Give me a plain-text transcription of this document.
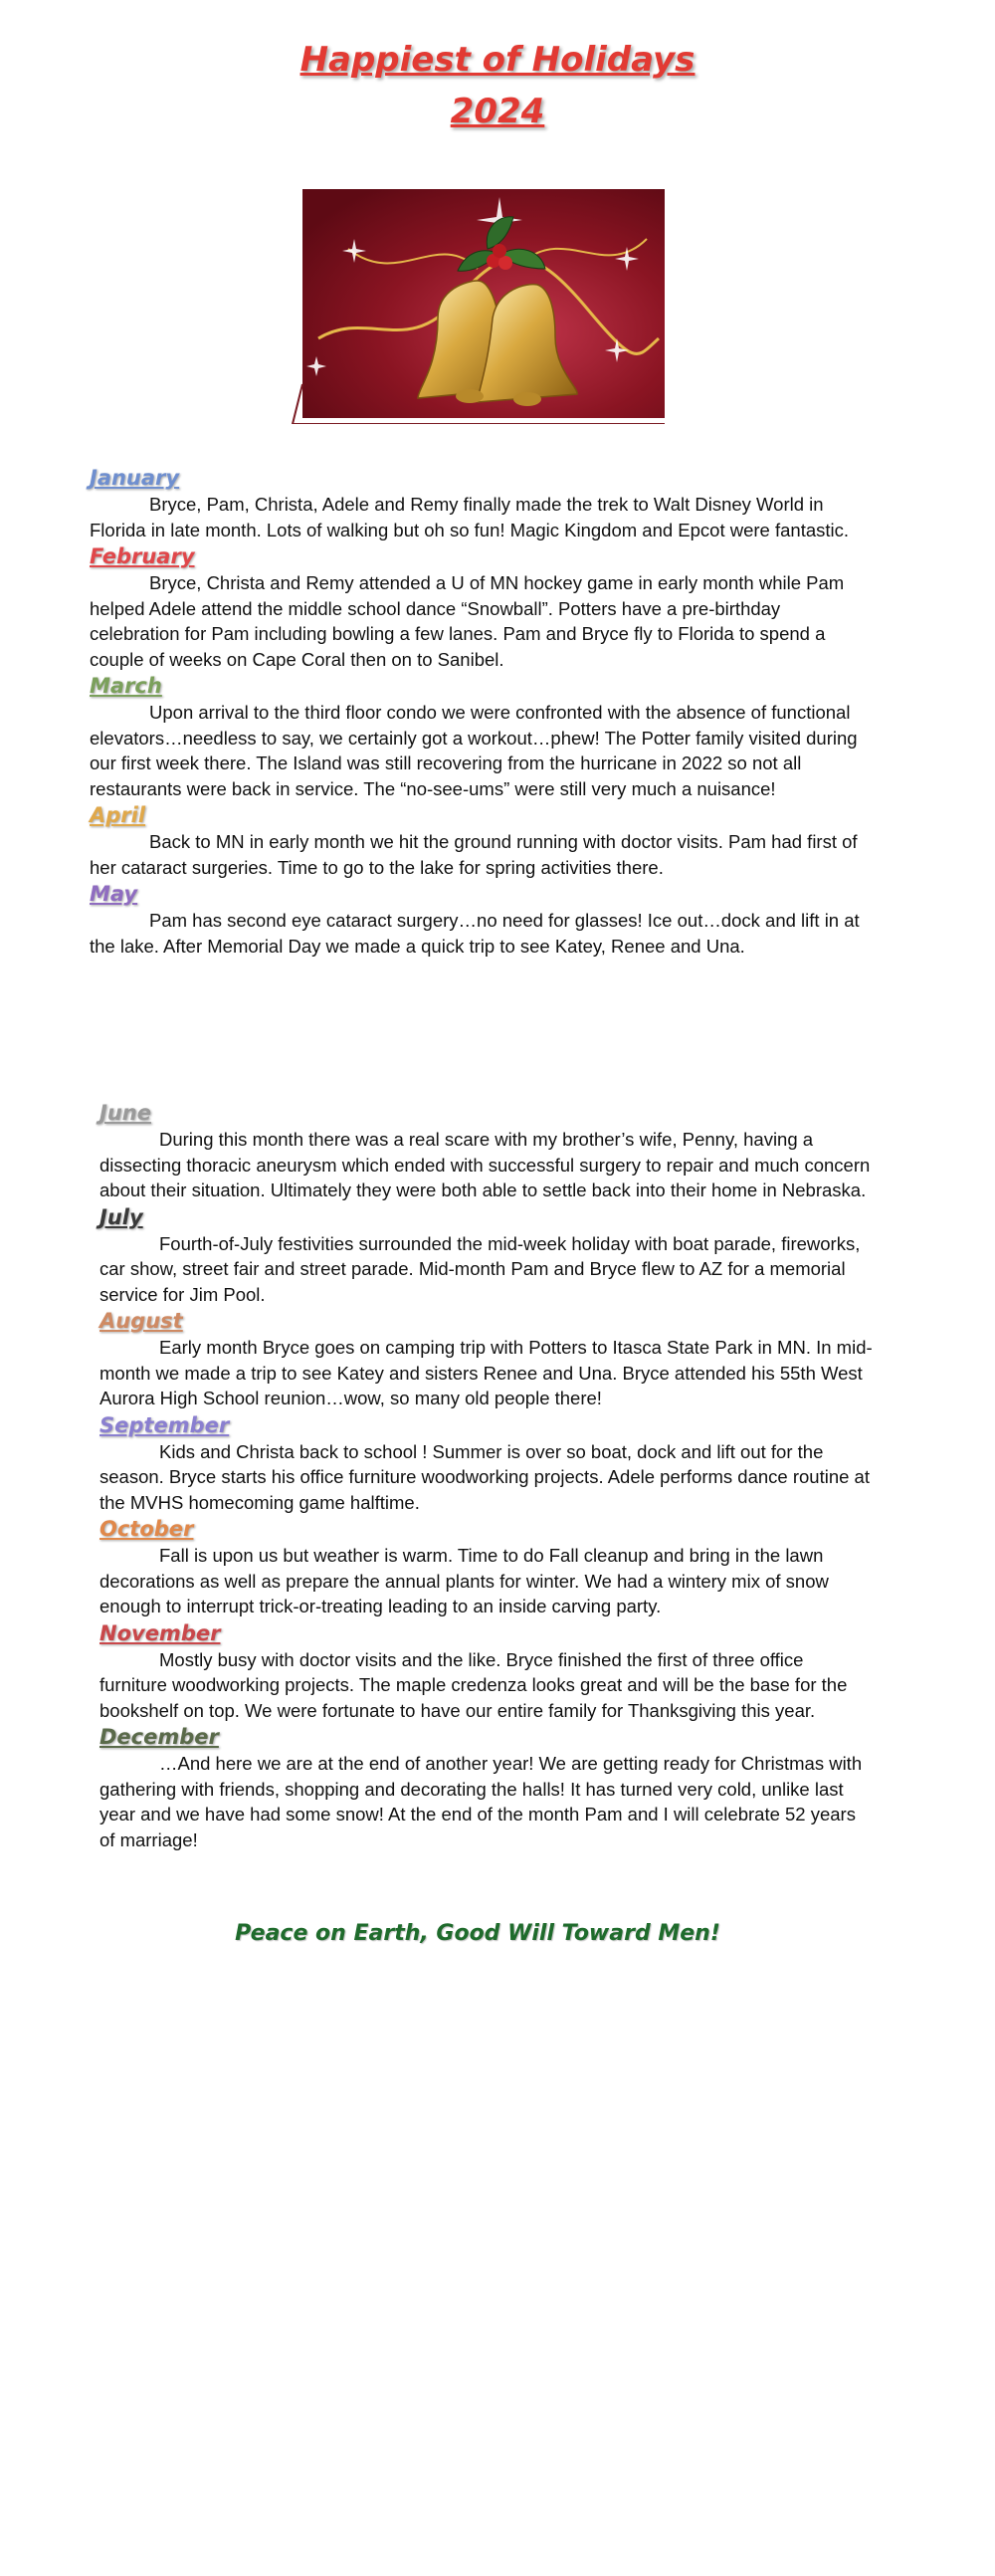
Happiest of Holidays
2024
January

Bryce, Pam, Christa, Adele and Remy finally made the trek to Walt Disney World in Florida in late month. Lots of walking but oh so fun! Magic Kingdom and Epcot were fantastic.

February

Bryce, Christa and Remy attended a U of MN hockey game in early month while Pam helped Adele attend the middle school dance “Snowball”. Potters have a pre-birthday celebration for Pam including bowling a few lanes. Pam and Bryce fly to Florida to spend a couple of weeks on Cape Coral then on to Sanibel.

March

Upon arrival to the third floor condo we were confronted with the absence of functional elevators…needless to say, we certainly got a workout…phew! The Potter family visited during our first week there. The Island was still recovering from the hurricane in 2022 so not all restaurants were back in service. The “no-see-ums” were still very much a nuisance!

April

Back to MN in early month we hit the ground running with doctor visits. Pam had first of her cataract surgeries. Time to go to the lake for spring activities there.

May

Pam has second eye cataract surgery…no need for glasses! Ice out…dock and lift in at the lake. After Memorial Day we made a quick trip to see Katey, Renee and Una.

June

During this month there was a real scare with my brother’s wife, Penny, having a dissecting thoracic aneurysm which ended with successful surgery to repair and much concern about their situation. Ultimately they were both able to settle back into their home in Nebraska.

July

Fourth-of-July festivities surrounded the mid-week holiday with boat parade, fireworks, car show, street fair and street parade. Mid-month Pam and Bryce flew to AZ for a memorial service for Jim Pool.

August

Early month Bryce goes on camping trip with Potters to Itasca State Park in MN. In mid-month we made a trip to see Katey and sisters Renee and Una. Bryce attended his 55th West Aurora High School reunion…wow, so many old people there!

September

Kids and Christa back to school ! Summer is over so boat, dock and lift out for the season. Bryce starts his office furniture woodworking projects. Adele performs dance routine at the MVHS homecoming game halftime.

October

Fall is upon us but weather is warm. Time to do Fall cleanup and bring in the lawn decorations as well as prepare the annual plants for winter. We had a wintery mix of snow enough to interrupt trick-or-treating leading to an inside carving party.

November

Mostly busy with doctor visits and the like. Bryce finished the first of three office furniture woodworking projects. The maple credenza looks great and will be the base for the bookshelf on top. We were fortunate to have our entire family for Thanksgiving this year.

December

…And here we are at the end of another year! We are getting ready for Christmas with gathering with friends, shopping and decorating the halls! It has turned very cold, unlike last year and we have had some snow! At the end of the month Pam and I will celebrate 52 years of marriage!

Peace on Earth, Good Will Toward Men!
